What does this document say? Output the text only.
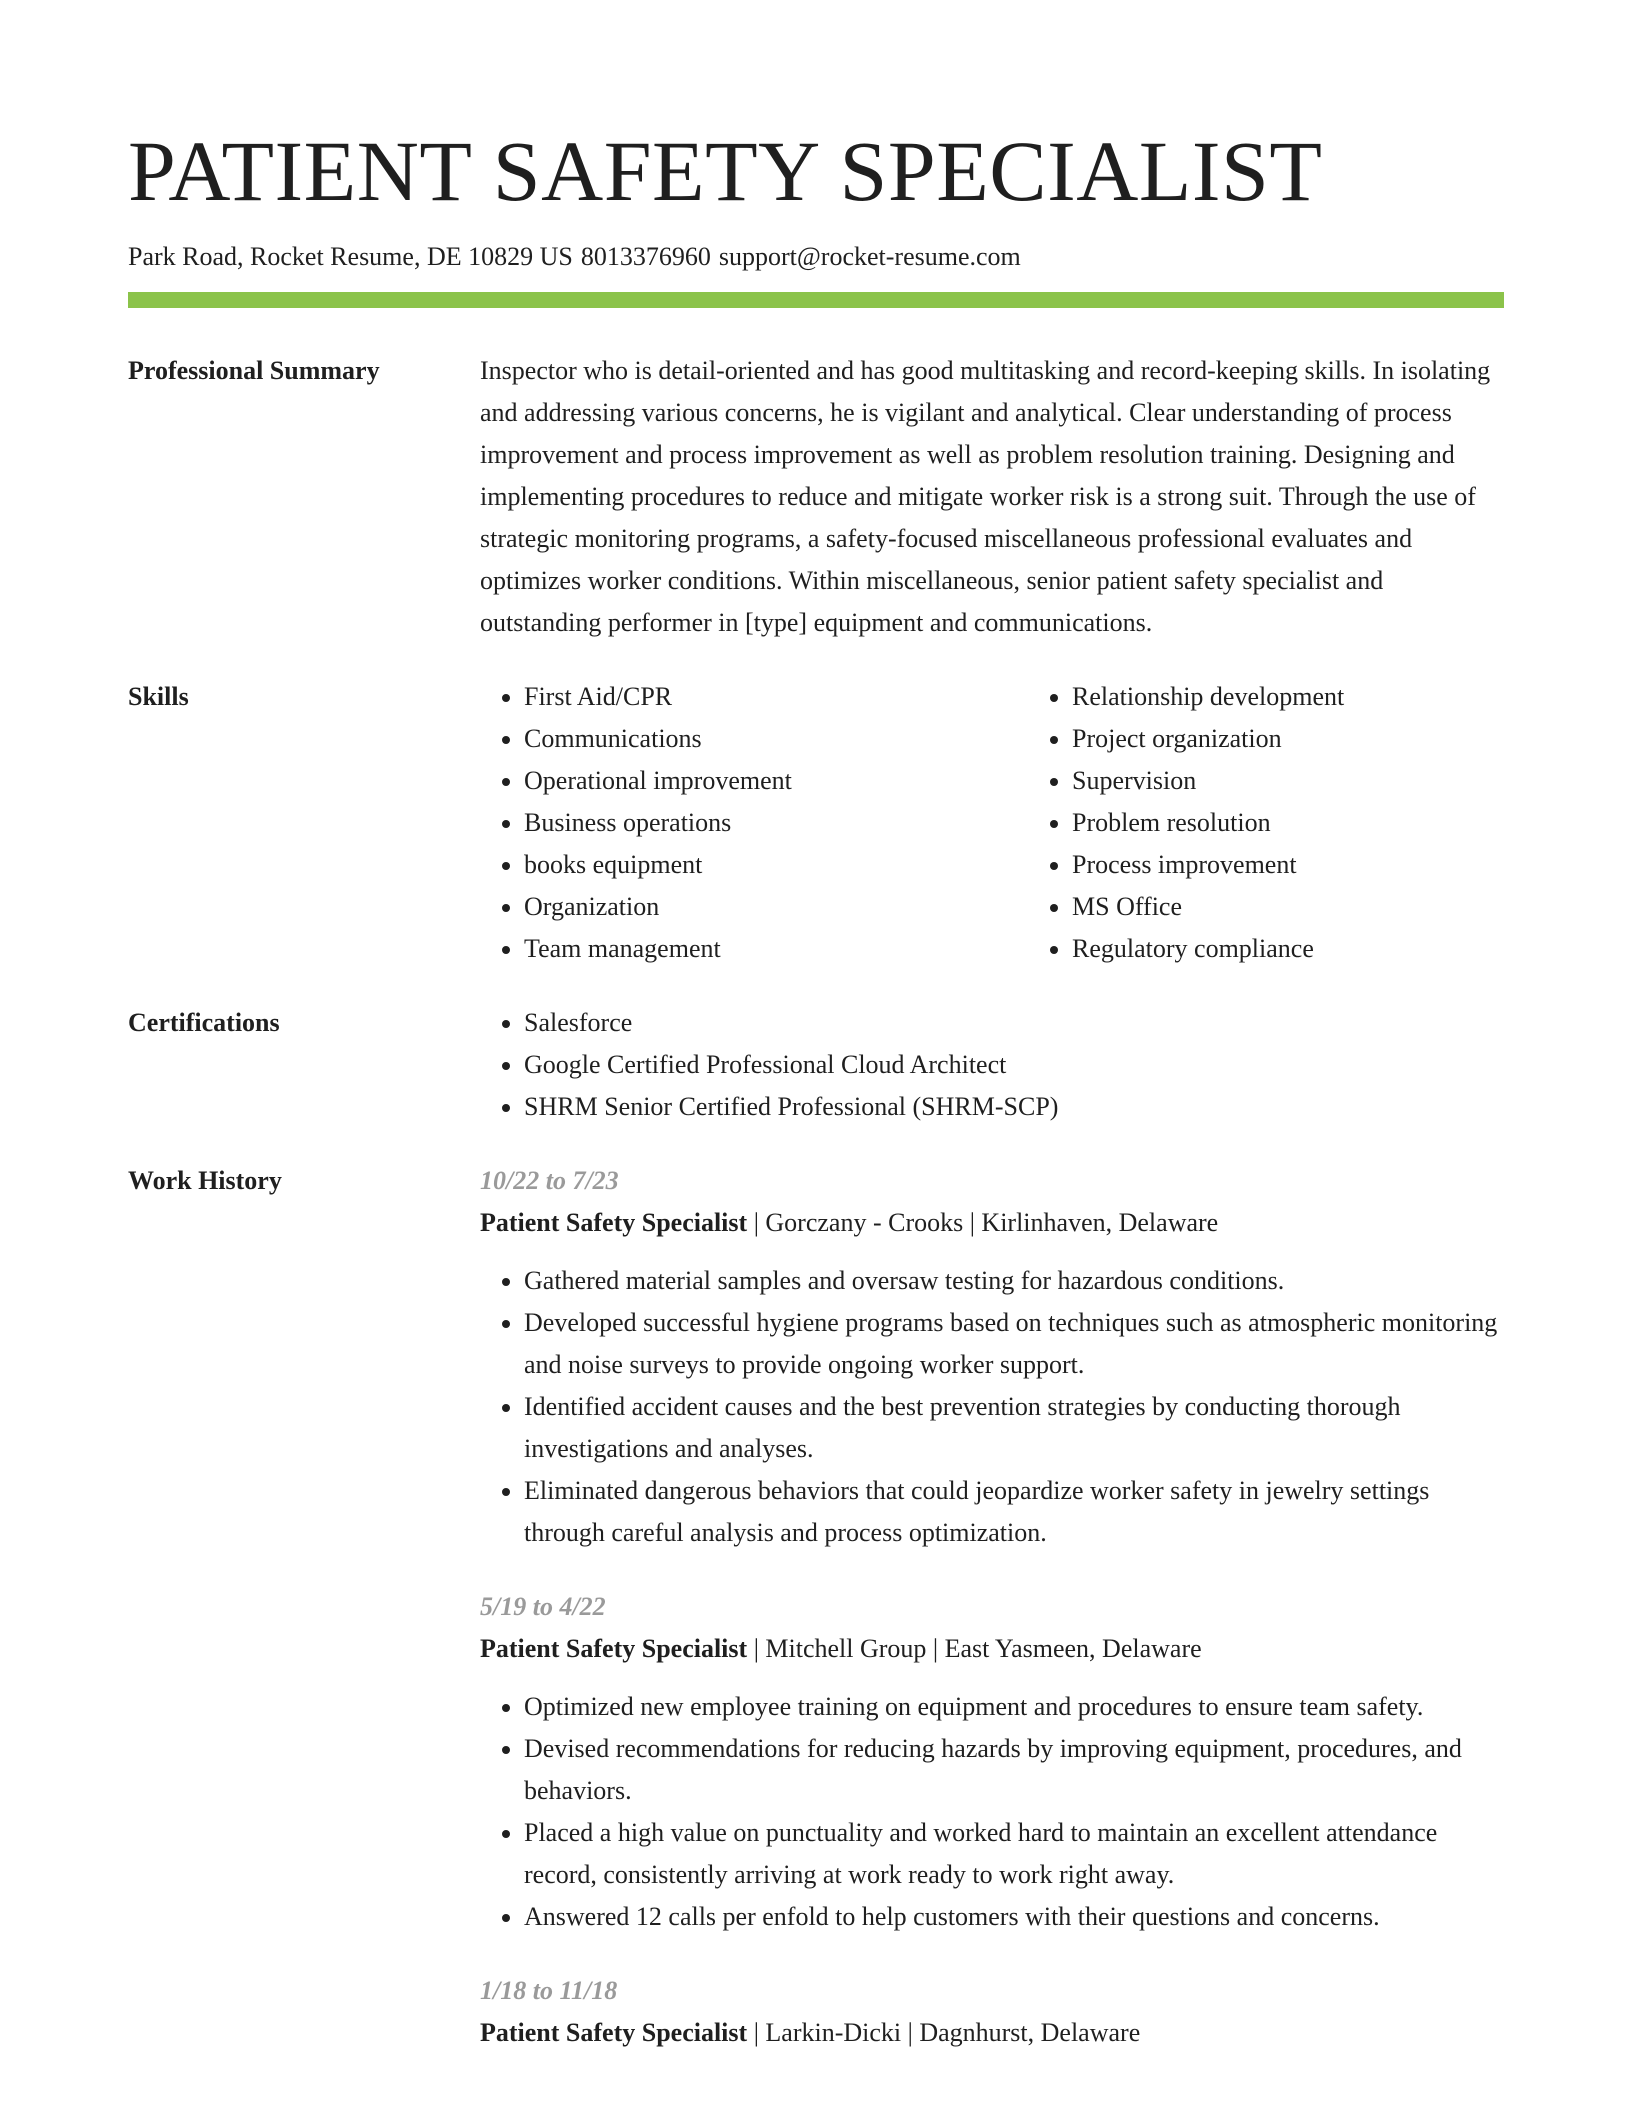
PATIENT SAFETY SPECIALIST
Park Road, Rocket Resume, DE 10829 US 8013376960 support@rocket-resume.com
Professional Summary	Inspector who is detail-oriented and has good multitasking and record-keeping skills. In isolating and addressing various concerns, he is vigilant and analytical. Clear understanding of process improvement and process improvement as well as problem resolution training. Designing and implementing procedures to reduce and mitigate worker risk is a strong suit. Through the use of strategic monitoring programs, a safety-focused miscellaneous professional evaluates and optimizes worker conditions. Within miscellaneous, senior patient safety specialist and outstanding performer in [type] equipment and communications.

Skills	• First Aid/CPR
• Communications
• Operational improvement
• Business operations
• books equipment
• Organization
• Team management
• Relationship development
• Project organization
• Supervision
• Problem resolution
• Process improvement
• MS Office
• Regulatory compliance
Certifications	• Salesforce
• Google Certified Professional Cloud Architect
• SHRM Senior Certified Professional (SHRM-SCP)
Work History	10/22 to 7/23
Patient Safety Specialist | Gorczany - Crooks | Kirlinhaven, Delaware
• Gathered material samples and oversaw testing for hazardous conditions.
• Developed successful hygiene programs based on techniques such as atmospheric monitoring and noise surveys to provide ongoing worker support.
• Identified accident causes and the best prevention strategies by conducting thorough investigations and analyses.
• Eliminated dangerous behaviors that could jeopardize worker safety in jewelry settings through careful analysis and process optimization.
5/19 to 4/22
Patient Safety Specialist | Mitchell Group | East Yasmeen, Delaware
• Optimized new employee training on equipment and procedures to ensure team safety.
• Devised recommendations for reducing hazards by improving equipment, procedures, and behaviors.
• Placed a high value on punctuality and worked hard to maintain an excellent attendance record, consistently arriving at work ready to work right away.
• Answered 12 calls per enfold to help customers with their questions and concerns.
1/18 to 11/18
Patient Safety Specialist | Larkin-Dicki | Dagnhurst, Delaware
